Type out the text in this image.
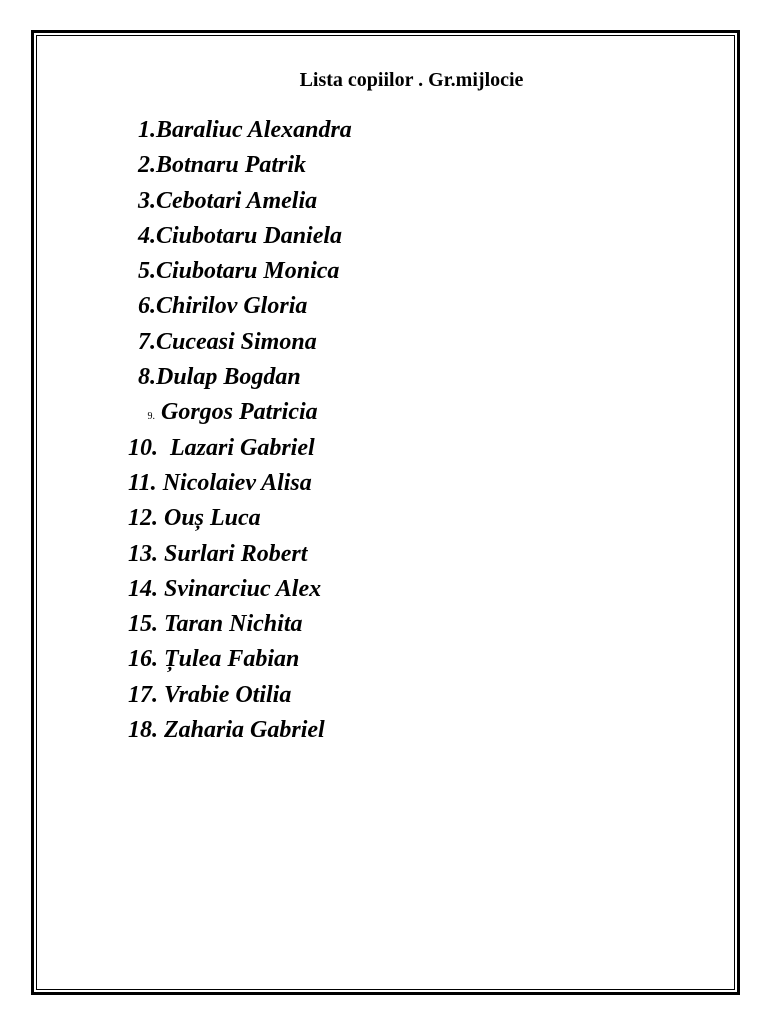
Lista copiilor . Gr.mijlocie
1.Baraliuc Alexandra
2.Botnaru Patrik
3.Cebotari Amelia
4.Ciubotaru Daniela
5.Ciubotaru Monica
6.Chirilov Gloria
7.Cuceasi Simona
8.Dulap Bogdan
9. Gorgos Patricia
10. Lazari Gabriel
11. Nicolaiev Alisa
12. Ouș Luca
13. Surlari Robert
14. Svinarciuc Alex
15. Taran Nichita
16. Țulea Fabian
17. Vrabie Otilia
18. Zaharia Gabriel
